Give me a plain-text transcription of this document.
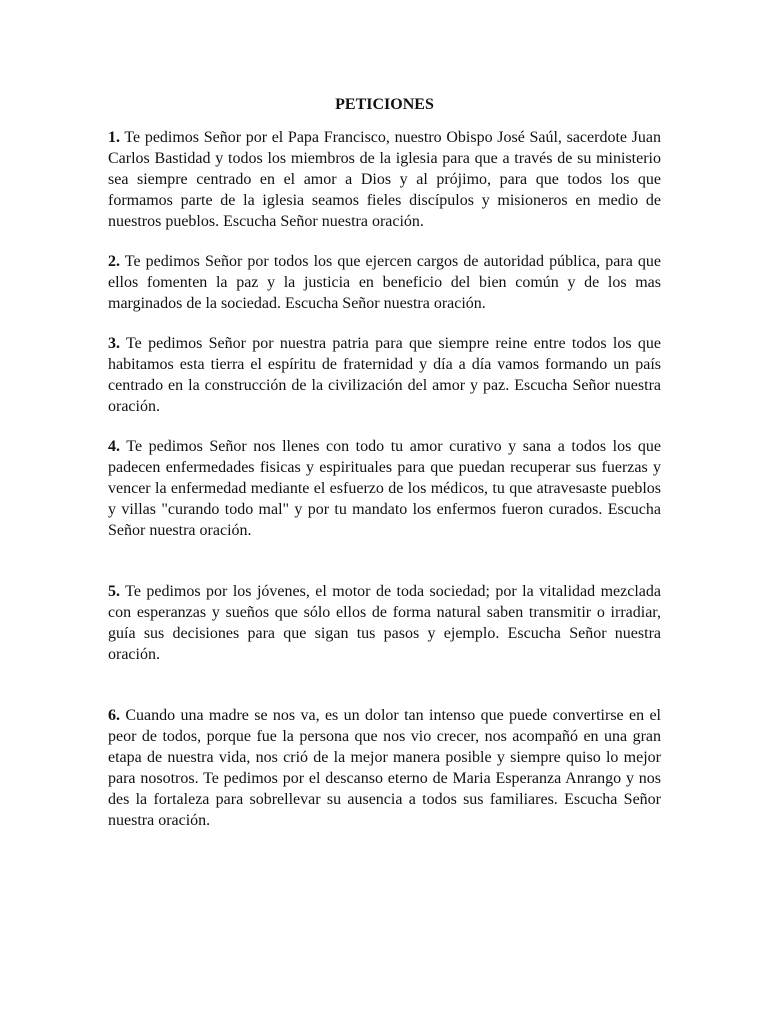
PETICIONES

1. Te pedimos Señor por el Papa Francisco, nuestro Obispo José Saúl, sacerdote Juan Carlos Bastidad y todos los miembros de la iglesia para que a través de su ministerio sea siempre centrado en el amor a Dios y al prójimo, para que todos los que formamos parte de la iglesia seamos fieles discípulos y misioneros en medio de nuestros pueblos. Escucha Señor nuestra oración.

2. Te pedimos Señor por todos los que ejercen cargos de autoridad pública, para que ellos fomenten la paz y la justicia en beneficio del bien común y de los mas marginados de la sociedad. Escucha Señor nuestra oración.

3. Te pedimos Señor por nuestra patria para que siempre reine entre todos los que habitamos esta tierra el espíritu de fraternidad y día a día vamos formando un país centrado en la construcción de la civilización del amor y paz. Escucha Señor nuestra oración.

4. Te pedimos Señor nos llenes con todo tu amor curativo y sana a todos los que padecen enfermedades fisicas y espirituales para que puedan recuperar sus fuerzas y vencer la enfermedad mediante el esfuerzo de los médicos, tu que atravesaste pueblos y villas "curando todo mal" y por tu mandato los enfermos fueron curados. Escucha Señor nuestra oración.

5. Te pedimos por los jóvenes, el motor de toda sociedad; por la vitalidad mezclada con esperanzas y sueños que sólo ellos de forma natural saben transmitir o irradiar, guía sus decisiones para que sigan tus pasos y ejemplo. Escucha Señor nuestra oración.

6. Cuando una madre se nos va, es un dolor tan intenso que puede convertirse en el peor de todos, porque fue la persona que nos vio crecer, nos acompañó en una gran etapa de nuestra vida, nos crió de la mejor manera posible y siempre quiso lo mejor para nosotros. Te pedimos por el descanso eterno de Maria Esperanza Anrango y nos des la fortaleza para sobrellevar su ausencia a todos sus familiares. Escucha Señor nuestra oración.
